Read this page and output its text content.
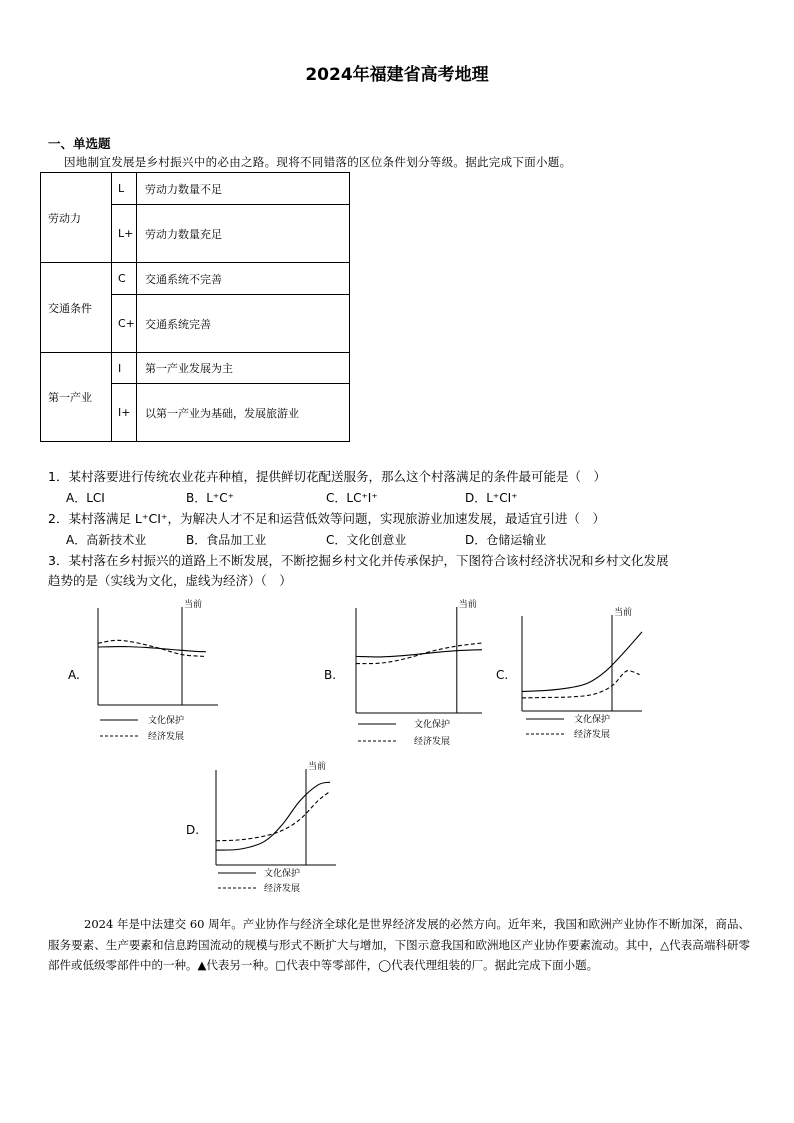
2024年福建省高考地理
一、单选题
因地制宜发展是乡村振兴中的必由之路。现将不同错落的区位条件划分等级。据此完成下面小题。
劳动力	L	劳动力数量不足
	L+	劳动力数量充足
交通条件	C	交通系统不完善
	C+	交通系统完善
第一产业	I	第一产业发展为主
	I+	以第一产业为基础，发展旅游业
1．某村落要进行传统农业花卉种植，提供鲜切花配送服务，那么这个村落满足的条件最可能是（　）
A．LCI	B．L⁺C⁺	C．LC⁺I⁺	D．L⁺CI⁺
2．某村落满足 L⁺CI⁺，为解决人才不足和运营低效等问题，实现旅游业加速发展，最适宜引进（　）
A．高新技术业	B．食品加工业	C．文化创意业	D．仓储运输业
3．某村落在乡村振兴的道路上不断发展，不断挖掘乡村文化并传承保护，下图符合该村经济状况和乡村文化发展
趋势的是（实线为文化，虚线为经济）（　）
A.
当前
文化保护
经济发展
B.
当前
文化保护
经济发展
C.
当前
文化保护
经济发展
D.
当前
文化保护
经济发展
2024 年是中法建交 60 周年。产业协作与经济全球化是世界经济发展的必然方向。近年来，我国和欧洲产业协作不断加深，商品、服务要素、生产要素和信息跨国流动的规模与形式不断扩大与增加，下图示意我国和欧洲地区产业协作要素流动。其中，△代表高端科研零部件或低级零部件中的一种。▲代表另一种。□代表中等零部件，◯代表代理组装的厂。据此完成下面小题。
